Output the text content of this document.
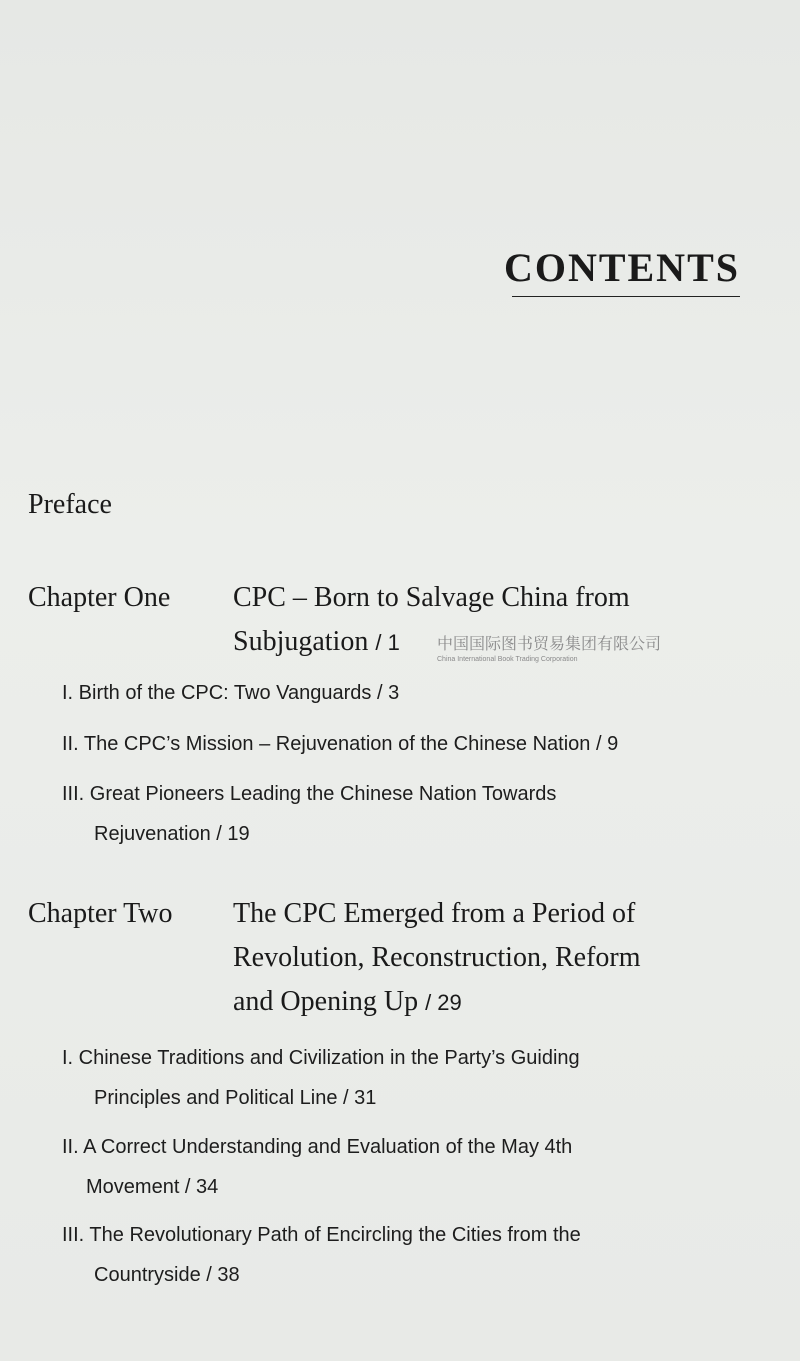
CONTENTS
Preface
Chapter One CPC – Born to Salvage China from
Subjugation / 1
I. Birth of the CPC: Two Vanguards / 3
II. The CPC’s Mission – Rejuvenation of the Chinese Nation / 9
III. Great Pioneers Leading the Chinese Nation Towards
Rejuvenation / 19
Chapter Two The CPC Emerged from a Period of
Revolution, Reconstruction, Reform
and Opening Up / 29
I. Chinese Traditions and Civilization in the Party’s Guiding
Principles and Political Line / 31
II. A Correct Understanding and Evaluation of the May 4th
Movement / 34
III. The Revolutionary Path of Encircling the Cities from the
Countryside / 38
中国国际图书贸易集团有限公司
China International Book Trading Corporation
